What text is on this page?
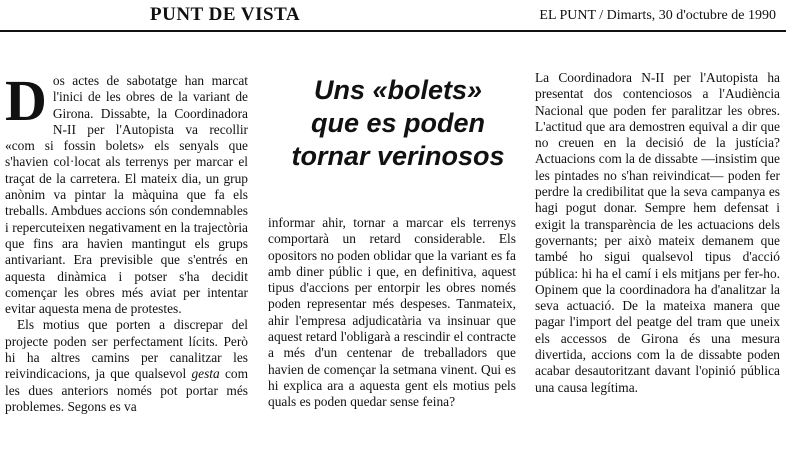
PUNT DE VISTA	EL PUNT / Dimarts, 30 d'octubre de 1990

Dos actes de sabotatge han marcat l'inici de les obres de la variant de Girona. Dissabte, la Coordinadora N-II per l'Autopista va recollir «com si fossin bolets» els senyals que s'havien col·locat als terrenys per marcar el traçat de la carretera. El mateix dia, un grup anònim va pintar la màquina que fa els treballs. Ambdues accions són condemnables i repercuteixen negativament en la trajectòria que fins ara havien mantingut els grups antivariant. Era previsible que s'entrés en aquesta dinàmica i potser s'ha decidit començar les obres més aviat per intentar evitar aquesta mena de protestes.

Els motius que porten a discrepar del projecte poden ser perfectament lícits. Però hi ha altres camins per canalitzar les reivindicacions, ja que qualsevol gesta com les dues anteriors només pot portar més problemes. Segons es va

Uns «bolets»
que es poden
tornar verinosos

informar ahir, tornar a marcar els terrenys comportarà un retard considerable. Els opositors no poden oblidar que la variant es fa amb diner públic i que, en definitiva, aquest tipus d'accions per entorpir les obres només poden representar més despeses. Tanmateix, ahir l'empresa adjudicatària va insinuar que aquest retard l'obligarà a rescindir el contracte a més d'un centenar de treballadors que havien de començar la setmana vinent. Qui es hi explica ara a aquesta gent els motius pels quals es poden quedar sense feina?

La Coordinadora N-II per l'Autopista ha presentat dos contenciosos a l'Audiència Nacional que poden fer paralitzar les obres. L'actitud que ara demostren equival a dir que no creuen en la decisió de la justícia? Actuacions com la de dissabte —insistim que les pintades no s'han reivindicat— poden fer perdre la credibilitat que la seva campanya es hagi pogut donar. Sempre hem defensat i exigit la transparència de les actuacions dels governants; per això mateix demanem que també ho sigui qualsevol tipus d'acció pública: hi ha el camí i els mitjans per fer-ho. Opinem que la coordinadora ha d'analitzar la seva actuació. De la mateixa manera que pagar l'import del peatge del tram que uneix els accessos de Girona és una mesura divertida, accions com la de dissabte poden acabar desautoritzant davant l'opinió pública una causa legítima.
